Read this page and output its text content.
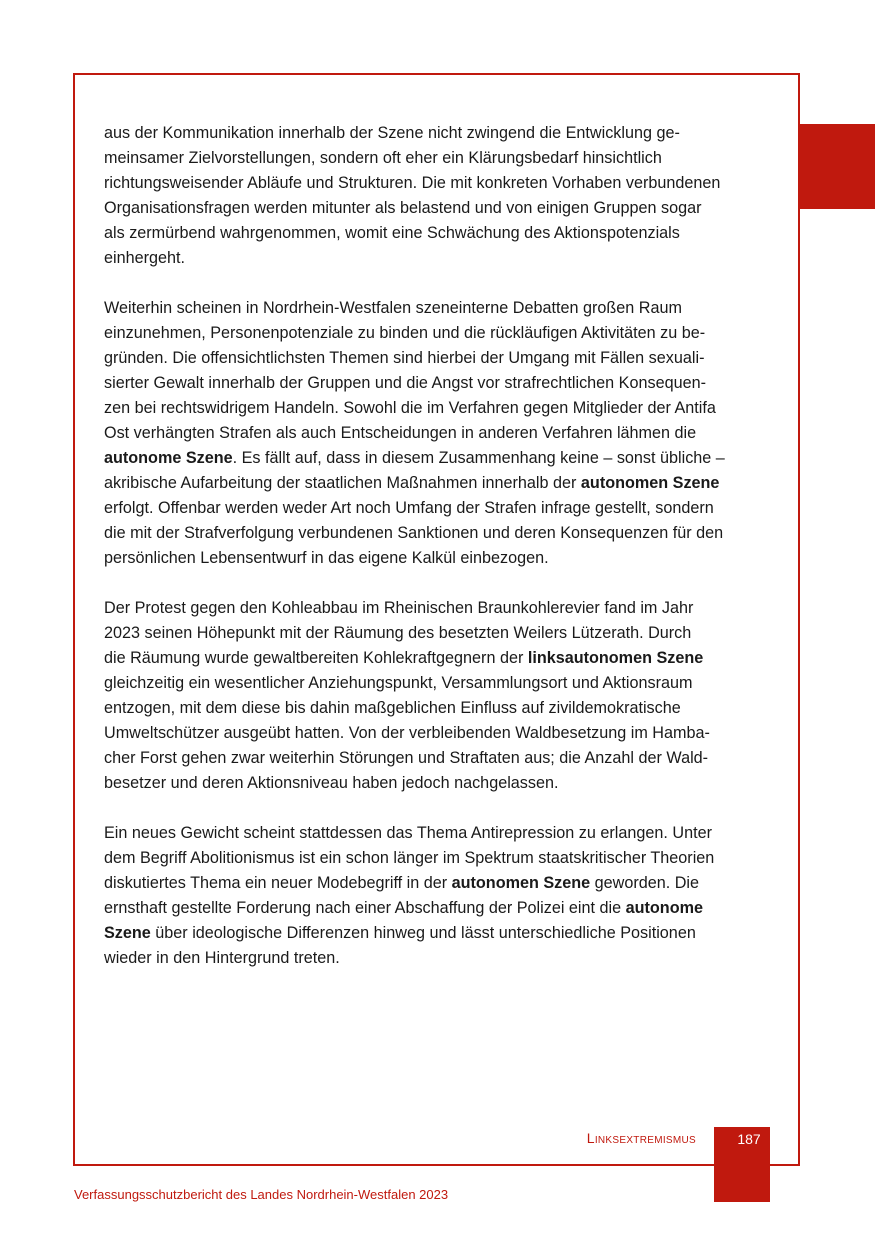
aus der Kommunikation innerhalb der Szene nicht zwingend die Entwicklung ge-
meinsamer Zielvorstellungen, sondern oft eher ein Klärungsbedarf hinsichtlich
richtungsweisender Abläufe und Strukturen. Die mit konkreten Vorhaben verbundenen
Organisationsfragen werden mitunter als belastend und von einigen Gruppen sogar
als zermürbend wahrgenommen, womit eine Schwächung des Aktionspotenzials
einhergeht.

Weiterhin scheinen in Nordrhein-Westfalen szeneinterne Debatten großen Raum
einzunehmen, Personenpotenziale zu binden und die rückläufigen Aktivitäten zu be-
gründen. Die offensichtlichsten Themen sind hierbei der Umgang mit Fällen sexuali-
sierter Gewalt innerhalb der Gruppen und die Angst vor strafrechtlichen Konsequen-
zen bei rechtswidrigem Handeln. Sowohl die im Verfahren gegen Mitglieder der Antifa
Ost verhängten Strafen als auch Entscheidungen in anderen Verfahren lähmen die
autonome Szene. Es fällt auf, dass in diesem Zusammenhang keine – sonst übliche –
akribische Aufarbeitung der staatlichen Maßnahmen innerhalb der autonomen Szene
erfolgt. Offenbar werden weder Art noch Umfang der Strafen infrage gestellt, sondern
die mit der Strafverfolgung verbundenen Sanktionen und deren Konsequenzen für den
persönlichen Lebensentwurf in das eigene Kalkül einbezogen.

Der Protest gegen den Kohleabbau im Rheinischen Braunkohlerevier fand im Jahr
2023 seinen Höhepunkt mit der Räumung des besetzten Weilers Lützerath. Durch
die Räumung wurde gewaltbereiten Kohlekraftgegnern der linksautonomen Szene
gleichzeitig ein wesentlicher Anziehungspunkt, Versammlungsort und Aktionsraum
entzogen, mit dem diese bis dahin maßgeblichen Einfluss auf zivildemokratische
Umweltschützer ausgeübt hatten. Von der verbleibenden Waldbesetzung im Hamba-
cher Forst gehen zwar weiterhin Störungen und Straftaten aus; die Anzahl der Wald-
besetzer und deren Aktionsniveau haben jedoch nachgelassen.

Ein neues Gewicht scheint stattdessen das Thema Antirepression zu erlangen. Unter
dem Begriff Abolitionismus ist ein schon länger im Spektrum staatskritischer Theorien
diskutiertes Thema ein neuer Modebegriff in der autonomen Szene geworden. Die
ernsthaft gestellte Forderung nach einer Abschaffung der Polizei eint die autonome
Szene über ideologische Differenzen hinweg und lässt unterschiedliche Positionen
wieder in den Hintergrund treten.

Linksextremismus	187
Verfassungsschutzbericht des Landes Nordrhein-Westfalen 2023
